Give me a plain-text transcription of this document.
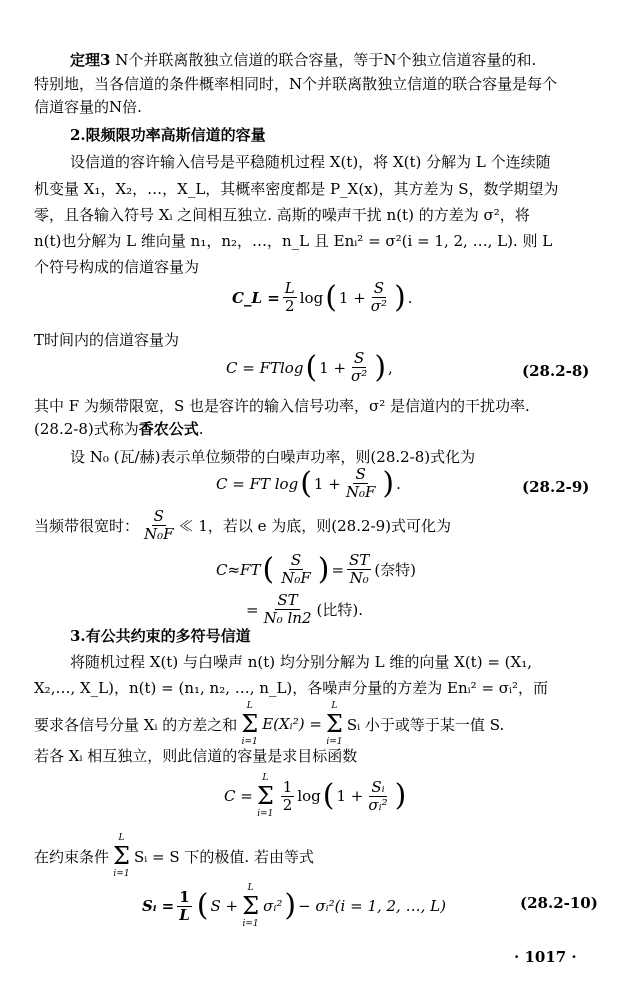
定理3 N个并联离散独立信道的联合容量，等于N个独立信道容量的和.
特别地，当各信道的条件概率相同时，N个并联离散独立信道的联合容量是每个
信道容量的N倍.
2.限频限功率高斯信道的容量
设信道的容许输入信号是平稳随机过程 X(t)，将 X(t) 分解为 L 个连续随
机变量 X₁，X₂，…，X_L，其概率密度都是 P_X(x)，其方差为 S，数学期望为
零，且各输入符号 Xᵢ 之间相互独立. 高斯的噪声干扰 n(t) 的方差为 σ²，将
n(t)也分解为 L 维向量 n₁，n₂，…，n_L 且 Enᵢ² = σ²(i = 1, 2, …, L). 则 L
个符号构成的信道容量为
C_L = $\frac{L}{2}$ log ( $1 + \frac{S}{\text{σ²}}$ ) .
T时间内的信道容量为
C = FTlog ( $1 + \frac{S}{\text{σ²}}$ ) ,	(28.2-8)
其中 F 为频带限宽，S 也是容许的输入信号功率，σ² 是信道内的干扰功率.
(28.2-8)式称为香农公式.
设 N₀ (瓦/赫)表示单位频带的白噪声功率，则(28.2-8)式化为
C = FT log ( $1 + \frac{S}{\text{N₀F}}$ ) .	(28.2-9)
当频带很宽时： $\frac{S}{\text{N₀F}}$ ≪ 1，若以 e 为底，则(28.2-9)式可化为
C≈FT ( $\frac{S}{\text{N₀F}}$ ) = $\frac{ST}{\text{N₀}}$ (奈特)
= $\frac{ST}{\text{N₀ ln2}}$ (比特).
3.有公共约束的多符号信道
将随机过程 X(t) 与白噪声 n(t) 均分别分解为 L 维的向量 X(t) = (X₁,
X₂,…, X_L)，n(t) = (n₁, n₂, …, n_L)，各噪声分量的方差为 Enᵢ² = σᵢ²，而
要求各信号分量 Xᵢ 的方差之和
L
Σ
i=1
E(Xᵢ²) =
L
Σ
i=1
Sᵢ 小于或等于某一值 S.
若各 Xᵢ 相互独立，则此信道的容量是求目标函数
C =
L
Σ
i=1
$\frac{1}{2}$ log ( $1 + \frac{\text{Sᵢ}}{\text{σᵢ²}}$ )
在约束条件
L
Σ
i=1
Sᵢ = S 下的极值. 若由等式
Sᵢ = $\frac{1}{L}$ ( S +
L
Σ
i=1
σᵢ² ) − σᵢ²(i = 1, 2, …, L)	(28.2-10)
· 1017 ·
